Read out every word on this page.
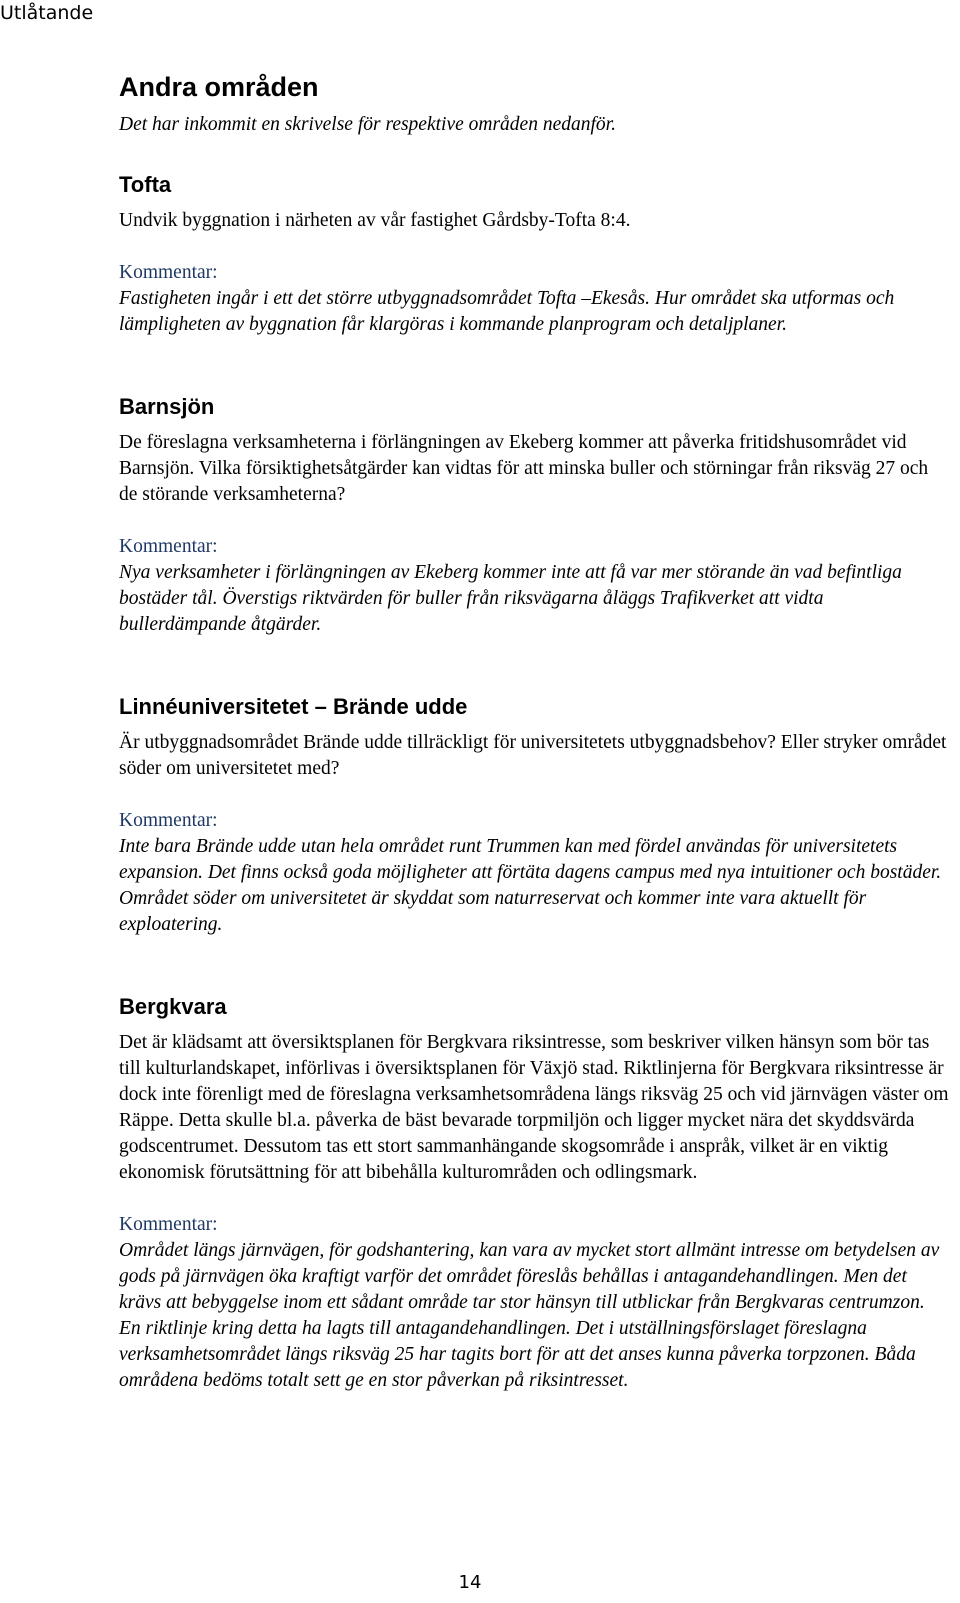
Utlåtande
Andra områden

Det har inkommit en skrivelse för respektive områden nedanför.

Tofta

Undvik byggnation i närheten av vår fastighet Gårdsby-Tofta 8:4.

Kommentar:

Fastigheten ingår i ett det större utbyggnadsområdet Tofta –Ekesås. Hur området ska utformas och lämpligheten av byggnation får klargöras i kommande planprogram och detaljplaner.

Barnsjön

De föreslagna verksamheterna i förlängningen av Ekeberg kommer att påverka fritidshusområdet vid Barnsjön. Vilka försiktighetsåtgärder kan vidtas för att minska buller och störningar från riksväg 27 och de störande verksamheterna?

Kommentar:

Nya verksamheter i förlängningen av Ekeberg kommer inte att få var mer störande än vad befintliga bostäder tål. Överstigs riktvärden för buller från riksvägarna åläggs Trafikverket att vidta bullerdämpande åtgärder.

Linnéuniversitetet – Brände udde

Är utbyggnadsområdet Brände udde tillräckligt för universitetets utbyggnadsbehov? Eller stryker området söder om universitetet med?

Kommentar:

Inte bara Brände udde utan hela området runt Trummen kan med fördel användas för universitetets expansion. Det finns också goda möjligheter att förtäta dagens campus med nya intuitioner och bostäder. Området söder om universitetet är skyddat som naturreservat och kommer inte vara aktuellt för exploatering.

Bergkvara

Det är klädsamt att översiktsplanen för Bergkvara riksintresse, som beskriver vilken hänsyn som bör tas till kulturlandskapet, införlivas i översiktsplanen för Växjö stad. Riktlinjerna för Bergkvara riksintresse är dock inte förenligt med de föreslagna verksamhetsområdena längs riksväg 25 och vid järnvägen väster om Räppe. Detta skulle bl.a. påverka de bäst bevarade torpmiljön och ligger mycket nära det skyddsvärda godscentrumet. Dessutom tas ett stort sammanhängande skogsområde i anspråk, vilket är en viktig ekonomisk förutsättning för att bibehålla kulturområden och odlingsmark.

Kommentar:

Området längs järnvägen, för godshantering, kan vara av mycket stort allmänt intresse om betydelsen av gods på järnvägen öka kraftigt varför det området föreslås behållas i antagandehandlingen. Men det krävs att bebyggelse inom ett sådant område tar stor hänsyn till utblickar från Bergkvaras centrumzon. En riktlinje kring detta ha lagts till antagandehandlingen. Det i utställningsförslaget föreslagna verksamhetsområdet längs riksväg 25 har tagits bort för att det anses kunna påverka torpzonen. Båda områdena bedöms totalt sett ge en stor påverkan på riksintresset.

14
